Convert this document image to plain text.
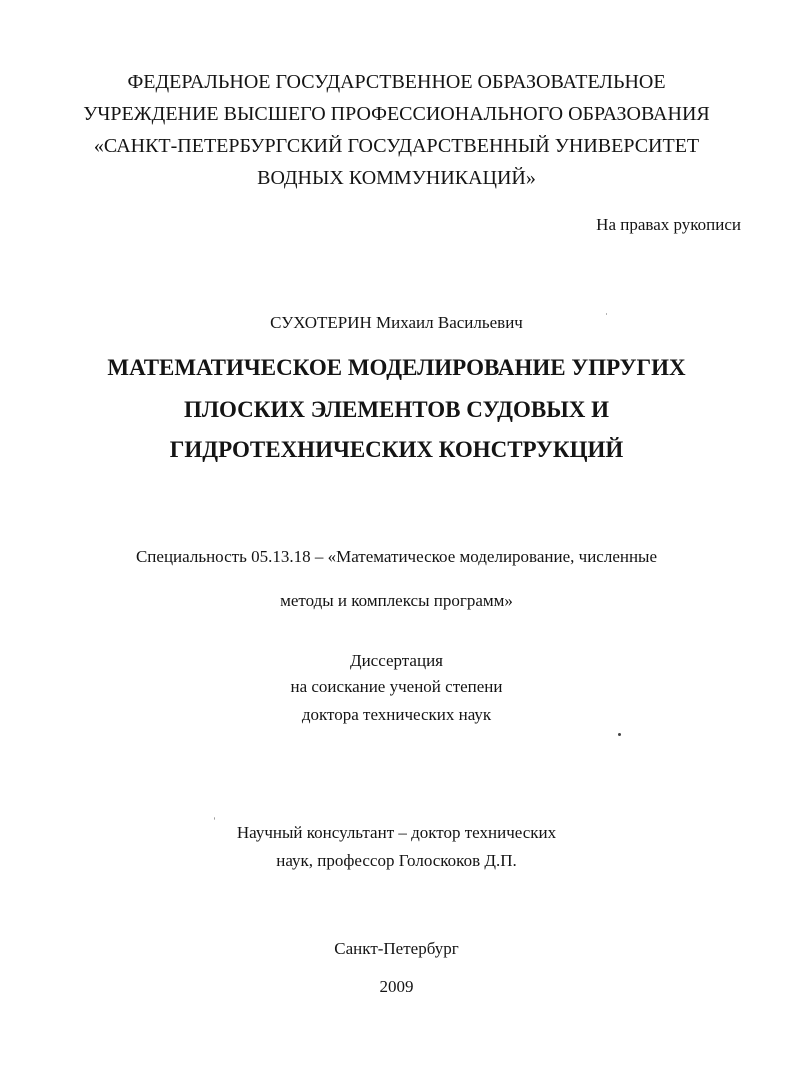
ФЕДЕРАЛЬНОЕ ГОСУДАРСТВЕННОЕ ОБРАЗОВАТЕЛЬНОЕ
УЧРЕЖДЕНИЕ ВЫСШЕГО ПРОФЕССИОНАЛЬНОГО ОБРАЗОВАНИЯ
«САНКТ-ПЕТЕРБУРГСКИЙ ГОСУДАРСТВЕННЫЙ УНИВЕРСИТЕТ
ВОДНЫХ КОММУНИКАЦИЙ»
На правах рукописи
СУХОТЕРИН Михаил Васильевич
МАТЕМАТИЧЕСКОЕ МОДЕЛИРОВАНИЕ УПРУГИХ
ПЛОСКИХ ЭЛЕМЕНТОВ СУДОВЫХ И
ГИДРОТЕХНИЧЕСКИХ КОНСТРУКЦИЙ
Специальность 05.13.18 – «Математическое моделирование, численные
методы и комплексы программ»
Диссертация
на соискание ученой степени
доктора технических наук
Научный консультант – доктор технических
наук, профессор Голоскоков Д.П.
Санкт-Петербург
2009
